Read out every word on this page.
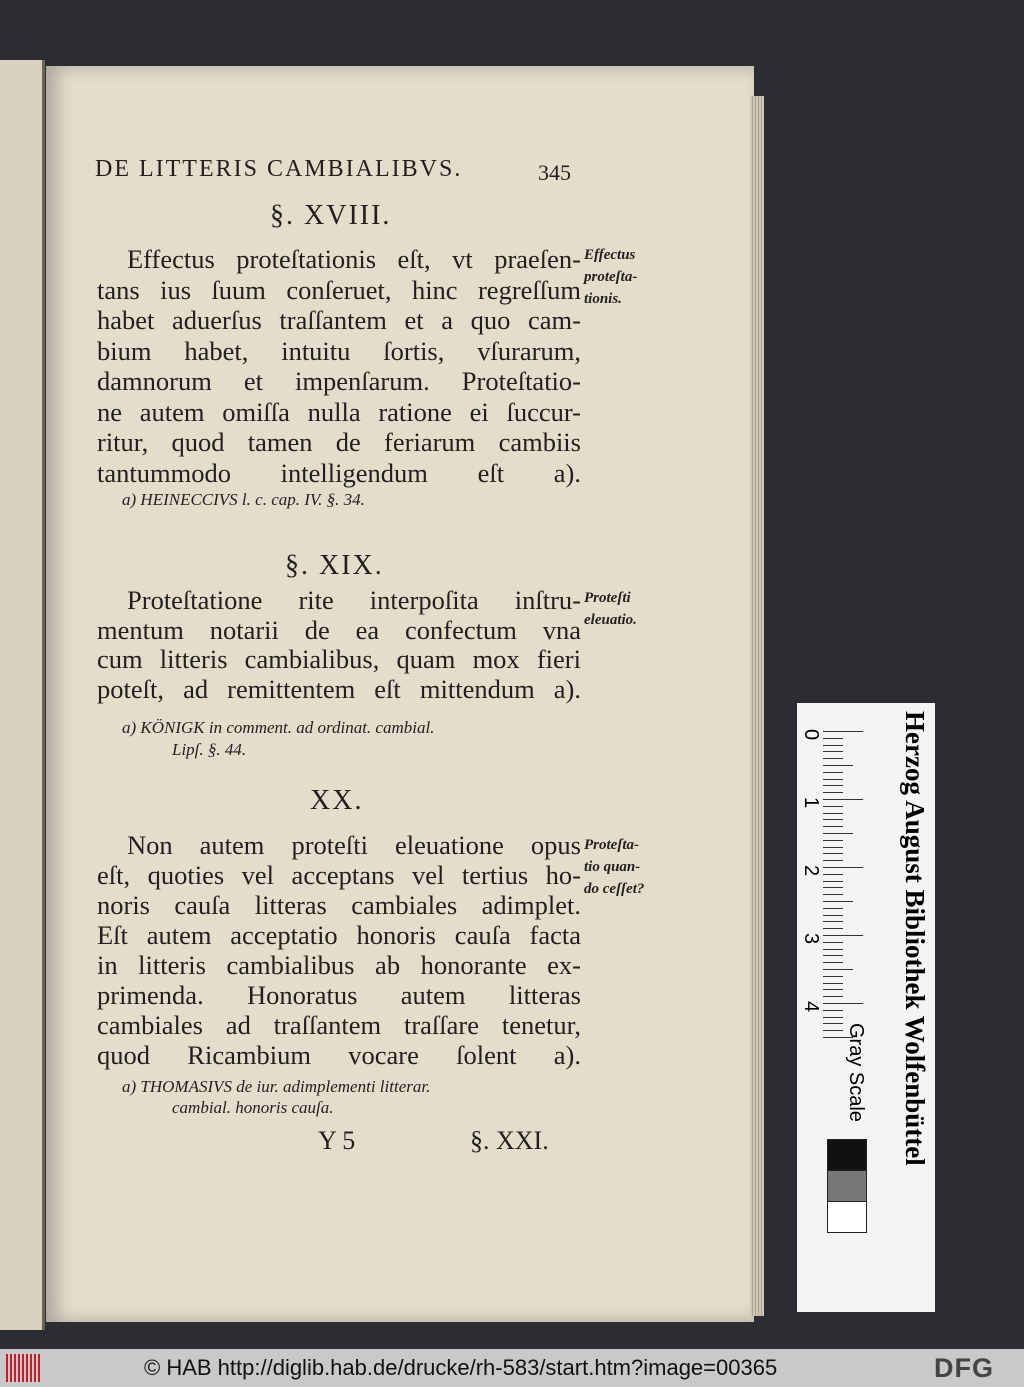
DE LITTERIS CAMBIALIBVS.	345
§. XVIII.
Effectus proteſtationis eſt, vt praeſen-
tans ius ſuum conſeruet, hinc regreſſum
habet aduerſus traſſantem et a quo cam-
bium habet, intuitu ſortis, vſurarum,
damnorum et impenſarum. Proteſtatio-
ne autem omiſſa nulla ratione ei ſuccur-
ritur, quod tamen de feriarum cambiis
tantummodo intelligendum eſt a).
a) HEINECCIVS l. c. cap. IV. §. 34.
Effectus
proteſta-
tionis.
§. XIX.
Proteſtatione rite interpoſita inſtru-
mentum notarii de ea confectum vna
cum litteris cambialibus, quam mox fieri
poteſt, ad remittentem eſt mittendum a).
a) KÖNIGK in comment. ad ordinat. cambial.
Lipſ. §. 44.
Proteſti
eleuatio.
XX.
Non autem proteſti eleuatione opus
eſt, quoties vel acceptans vel tertius ho-
noris cauſa litteras cambiales adimplet.
Eſt autem acceptatio honoris cauſa facta
in litteris cambialibus ab honorante ex-
primenda. Honoratus autem litteras
cambiales ad traſſantem traſſare tenetur,
quod Ricambium vocare ſolent a).
a) THOMASIVS de iur. adimplementi litterar.
cambial. honoris cauſa.
Proteſta-
tio quan-
do ceſſet?
Y 5	§. XXI.	Herzog August Bibliothek Wolfenbüttel
0
1
2
3
4
Gray Scale
© HAB http://diglib.hab.de/drucke/rh-583/start.htm?image=00365	DFG
